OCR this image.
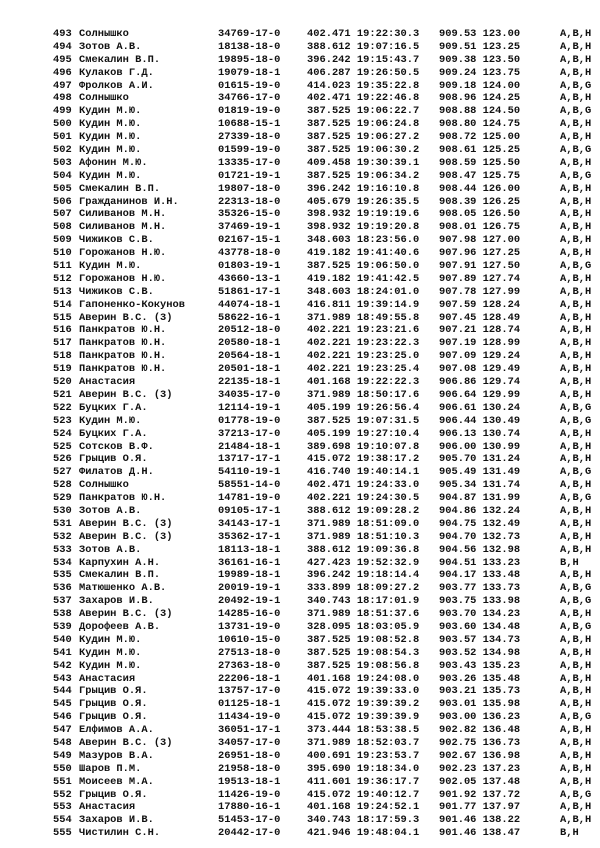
493 Солнышко	34769-17-0	402.471 19:22:30.3 909.53 123.00	A,B,H
494 Зотов А.В.	18138-18-0	388.612 19:07:16.5 909.51 123.25	A,B,H
495 Смекалин В.П.	19895-18-0	396.242 19:15:43.7 909.38 123.50	A,B,H
496 Кулаков Г.Д.	19079-18-1	406.287 19:26:50.5 909.24 123.75	A,B,H
497 Фролков А.И.	01615-19-0	414.023 19:35:22.8 909.18 124.00	A,B,G
498 Солнышко	34766-17-0	402.471 19:22:46.8 908.96 124.25	A,B,H
499 Кудин М.Ю.	01819-19-0	387.525 19:06:22.7 908.88 124.50	A,B,G
500 Кудин М.Ю.	10688-15-1	387.525 19:06:24.8 908.80 124.75	A,B,H
501 Кудин М.Ю.	27339-18-0	387.525 19:06:27.2 908.72 125.00	A,B,H
502 Кудин М.Ю.	01599-19-0	387.525 19:06:30.2 908.61 125.25	A,B,G
503 Афонин М.Ю.	13335-17-0	409.458 19:30:39.1 908.59 125.50	A,B,H
504 Кудин М.Ю.	01721-19-1	387.525 19:06:34.2 908.47 125.75	A,B,G
505 Смекалин В.П.	19807-18-0	396.242 19:16:10.8 908.44 126.00	A,B,H
506 Гражданинов И.Н.	22313-18-0	405.679 19:26:35.5 908.39 126.25	A,B,H
507 Силиванов М.Н.	35326-15-0	398.932 19:19:19.6 908.05 126.50	A,B,H
508 Силиванов М.Н.	37469-19-1	398.932 19:19:20.8 908.01 126.75	A,B,H
509 Чижиков С.В.	02167-15-1	348.603 18:23:56.0 907.98 127.00	A,B,H
510 Горожанов Н.Ю.	43778-18-0	419.182 19:41:40.6 907.96 127.25	A,B,H
511 Кудин М.Ю.	01803-19-1	387.525 19:06:50.0 907.91 127.50	A,B,G
512 Горожанов Н.Ю.	43660-13-1	419.182 19:41:42.5 907.89 127.74	A,B,H
513 Чижиков С.В.	51861-17-1	348.603 18:24:01.0 907.78 127.99	A,B,H
514 Гапоненко-Кокунов	44074-18-1	416.811 19:39:14.9 907.59 128.24	A,B,H
515 Аверин В.С. (3)	58622-16-1	371.989 18:49:55.8 907.45 128.49	A,B,H
516 Панкратов Ю.Н.	20512-18-0	402.221 19:23:21.6 907.21 128.74	A,B,H
517 Панкратов Ю.Н.	20580-18-1	402.221 19:23:22.3 907.19 128.99	A,B,H
518 Панкратов Ю.Н.	20564-18-1	402.221 19:23:25.0 907.09 129.24	A,B,H
519 Панкратов Ю.Н.	20501-18-1	402.221 19:23:25.4 907.08 129.49	A,B,H
520 Анастасия	22135-18-1	401.168 19:22:22.3 906.86 129.74	A,B,H
521 Аверин В.С. (3)	34035-17-0	371.989 18:50:17.6 906.64 129.99	A,B,H
522 Буцких Г.А.	12114-19-1	405.199 19:26:56.4 906.61 130.24	A,B,G
523 Кудин М.Ю.	01778-19-0	387.525 19:07:31.5 906.44 130.49	A,B,G
524 Буцких Г.А.	37213-17-0	405.199 19:27:10.4 906.13 130.74	A,B,H
525 Сотсков В.Ф.	21484-18-1	389.698 19:10:07.8 906.00 130.99	A,B,H
526 Грыцив О.Я.	13717-17-1	415.072 19:38:17.2 905.70 131.24	A,B,H
527 Филатов Д.Н.	54110-19-1	416.740 19:40:14.1 905.49 131.49	A,B,G
528 Солнышко	58551-14-0	402.471 19:24:33.0 905.34 131.74	A,B,H
529 Панкратов Ю.Н.	14781-19-0	402.221 19:24:30.5 904.87 131.99	A,B,G
530 Зотов А.В.	09105-17-1	388.612 19:09:28.2 904.86 132.24	A,B,H
531 Аверин В.С. (3)	34143-17-1	371.989 18:51:09.0 904.75 132.49	A,B,H
532 Аверин В.С. (3)	35362-17-1	371.989 18:51:10.3 904.70 132.73	A,B,H
533 Зотов А.В.	18113-18-1	388.612 19:09:36.8 904.56 132.98	A,B,H
534 Карпухин А.Н.	36161-16-1	427.423 19:52:32.9 904.51 133.23	B,H
535 Смекалин В.П.	19989-18-1	396.242 19:18:14.4 904.17 133.48	A,B,H
536 Матюшенко А.В.	20019-19-1	333.899 18:09:27.2 903.77 133.73	A,B,G
537 Захаров И.В.	20492-19-1	340.743 18:17:01.9 903.75 133.98	A,B,G
538 Аверин В.С. (3)	14285-16-0	371.989 18:51:37.6 903.70 134.23	A,B,H
539 Дорофеев А.В.	13731-19-0	328.095 18:03:05.9 903.60 134.48	A,B,G
540 Кудин М.Ю.	10610-15-0	387.525 19:08:52.8 903.57 134.73	A,B,H
541 Кудин М.Ю.	27513-18-0	387.525 19:08:54.3 903.52 134.98	A,B,H
542 Кудин М.Ю.	27363-18-0	387.525 19:08:56.8 903.43 135.23	A,B,H
543 Анастасия	22206-18-1	401.168 19:24:08.0 903.26 135.48	A,B,H
544 Грыцив О.Я.	13757-17-0	415.072 19:39:33.0 903.21 135.73	A,B,H
545 Грыцив О.Я.	01125-18-1	415.072 19:39:39.2 903.01 135.98	A,B,H
546 Грыцив О.Я.	11434-19-0	415.072 19:39:39.9 903.00 136.23	A,B,G
547 Елфимов А.А.	36051-17-1	373.444 18:53:38.5 902.82 136.48	A,B,H
548 Аверин В.С. (3)	34057-17-0	371.989 18:52:03.7 902.75 136.73	A,B,H
549 Мазуров В.А.	26951-18-0	400.691 19:23:53.7 902.67 136.98	A,B,H
550 Шаров П.М.	21958-18-0	395.690 19:18:34.0 902.23 137.23	A,B,H
551 Моисеев М.А.	19513-18-1	411.601 19:36:17.7 902.05 137.48	A,B,H
552 Грыцив О.Я.	11426-19-0	415.072 19:40:12.7 901.92 137.72	A,B,G
553 Анастасия	17880-16-1	401.168 19:24:52.1 901.77 137.97	A,B,H
554 Захаров И.В.	51453-17-0	340.743 18:17:59.3 901.46 138.22	A,B,H
555 Чистилин С.Н.	20442-17-0	421.946 19:48:04.1 901.46 138.47	B,H
